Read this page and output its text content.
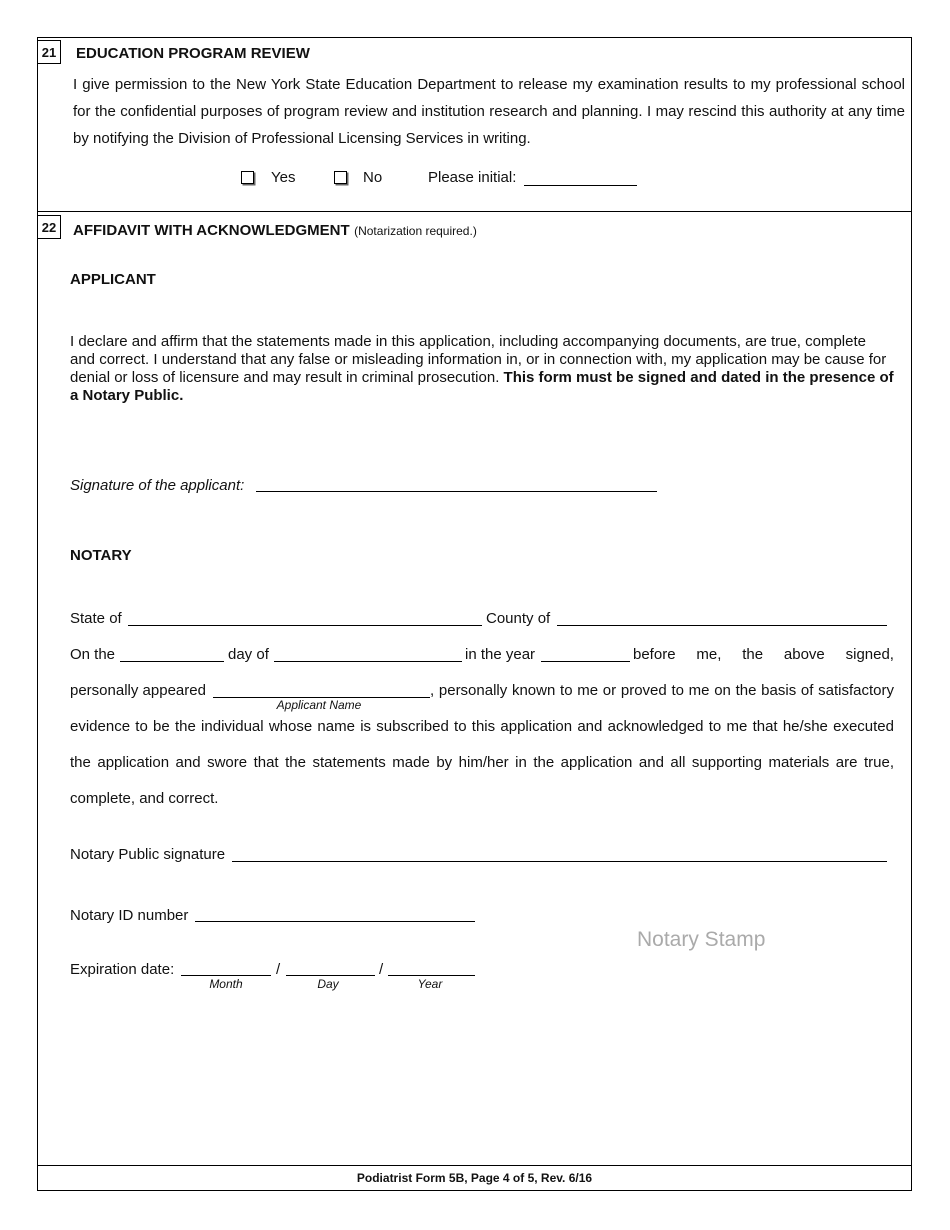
21 EDUCATION PROGRAM REVIEW
I give permission to the New York State Education Department to release my examination results to my professional school for the confidential purposes of program review and institution research and planning. I may rescind this authority at any time by notifying the Division of Professional Licensing Services in writing.
Yes	No	Please initial:
22 AFFIDAVIT WITH ACKNOWLEDGMENT (Notarization required.)
APPLICANT
I declare and affirm that the statements made in this application, including accompanying documents, are true, complete and correct. I understand that any false or misleading information in, or in connection with, my application may be cause for denial or loss of licensure and may result in criminal prosecution. This form must be signed and dated in the presence of a Notary Public.
Signature of the applicant:
NOTARY
State of	County of
On the	day of	in the year	before me, the above signed,
personally appeared
Applicant Name
, personally known to me or proved to me on the basis of satisfactory
evidence to be the individual whose name is subscribed to this application and acknowledged to me that he/she executed
the application and swore that the statements made by him/her in the application and all supporting materials are true,
complete, and correct.
Notary Public signature
Notary ID number
Notary Stamp
Expiration date:	/	/
Month	Day	Year
Podiatrist Form 5B, Page 4 of 5, Rev. 6/16
